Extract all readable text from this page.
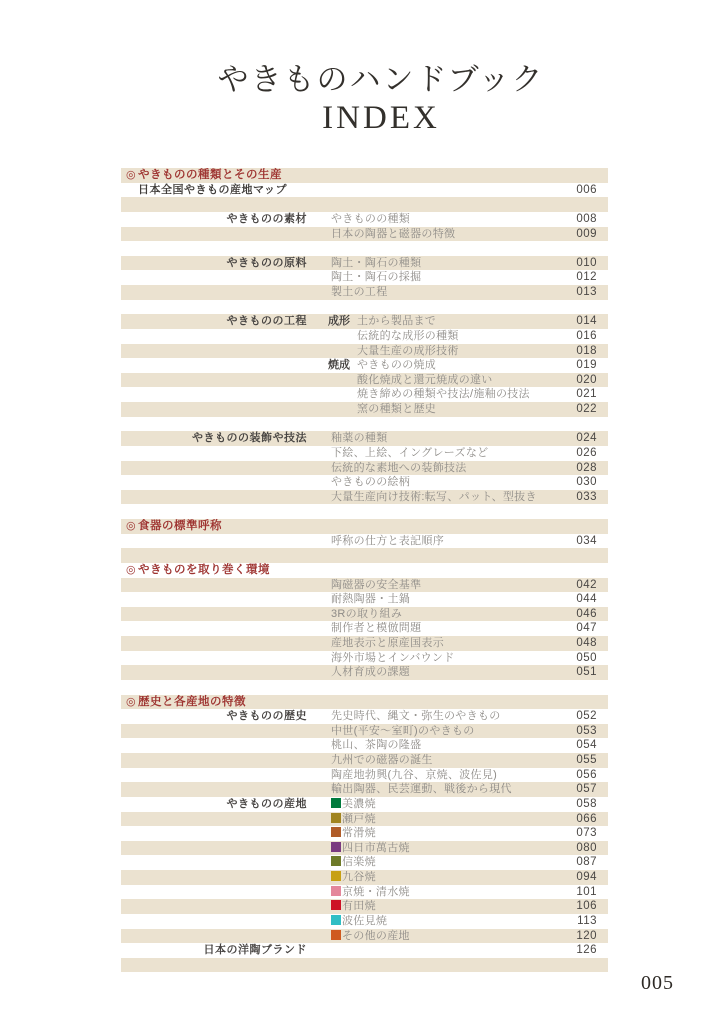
やきものハンドブック
INDEX
◎ やきものの種類とその生産
日本全国やきもの産地マップ	006
やきものの素材 やきものの種類	008
日本の陶器と磁器の特徴	009
やきものの原料 陶土・陶石の種類	010
陶土・陶石の採掘	012
製土の工程	013
やきものの工程 成形 土から製品まで	014
伝統的な成形の種類	016
大量生産の成形技術	018
焼成 やきものの焼成	019
酸化焼成と還元焼成の違い	020
焼き締めの種類や技法/施釉の技法	021
窯の種類と歴史	022
やきものの装飾や技法 釉薬の種類	024
下絵、上絵、イングレーズなど	026
伝統的な素地への装飾技法	028
やきものの絵柄	030
大量生産向け技術:転写、パット、型抜き	033
◎ 食器の標準呼称
呼称の仕方と表記順序	034
◎ やきものを取り巻く環境
陶磁器の安全基準	042
耐熱陶器・土鍋	044
3Rの取り組み	046
制作者と模倣問題	047
産地表示と原産国表示	048
海外市場とインバウンド	050
人材育成の課題	051
◎ 歴史と各産地の特徴
やきものの歴史 先史時代、縄文・弥生のやきもの	052
中世(平安〜室町)のやきもの	053
桃山、茶陶の隆盛	054
九州での磁器の誕生	055
陶産地勃興(九谷、京焼、波佐見)	056
輸出陶器、民芸運動、戦後から現代	057
やきものの産地	美濃焼	058
瀬戸焼	066
常滑焼	073
四日市萬古焼	080
信楽焼	087
九谷焼	094
京焼・清水焼	101
有田焼	106
波佐見焼	113
その他の産地	120
日本の洋陶ブランド	126
005
